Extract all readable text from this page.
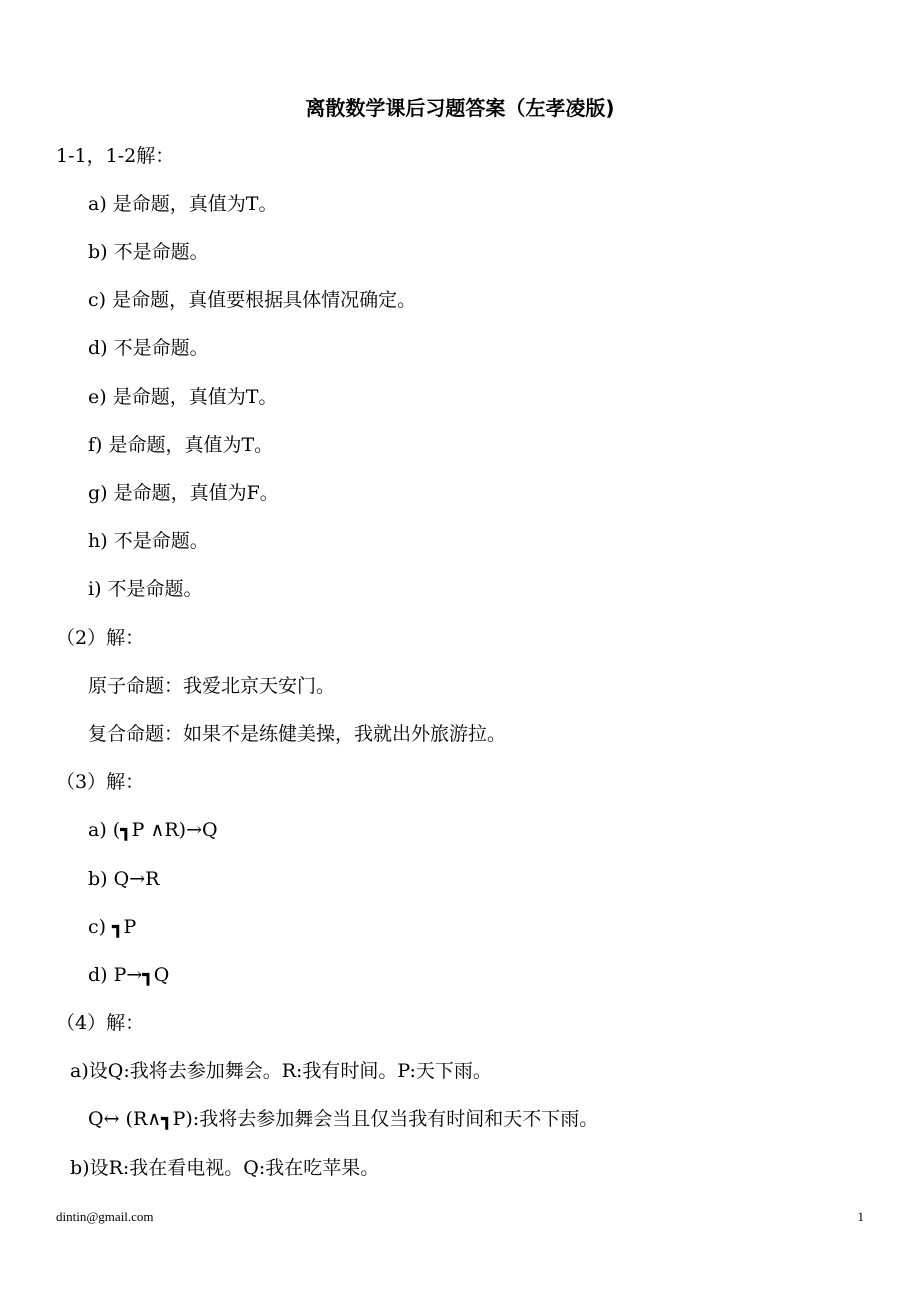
离散数学课后习题答案（左孝凌版)
1-1，1-2解：
a) 是命题，真值为T。
b) 不是命题。
c) 是命题，真值要根据具体情况确定。
d) 不是命题。
e) 是命题，真值为T。
f) 是命题，真值为T。
g) 是命题，真值为F。
h) 不是命题。
i) 不是命题。
（2）解：
原子命题：我爱北京天安门。
复合命题：如果不是练健美操，我就出外旅游拉。
（3）解：
a) (┓P ∧R)→Q
b) Q→R
c) ┓P
d) P→┓Q
（4）解：
a)设Q:我将去参加舞会。R:我有时间。P:天下雨。
Q↔ (R∧┓P):我将去参加舞会当且仅当我有时间和天不下雨。
b)设R:我在看电视。Q:我在吃苹果。
dintin@gmail.com	1
